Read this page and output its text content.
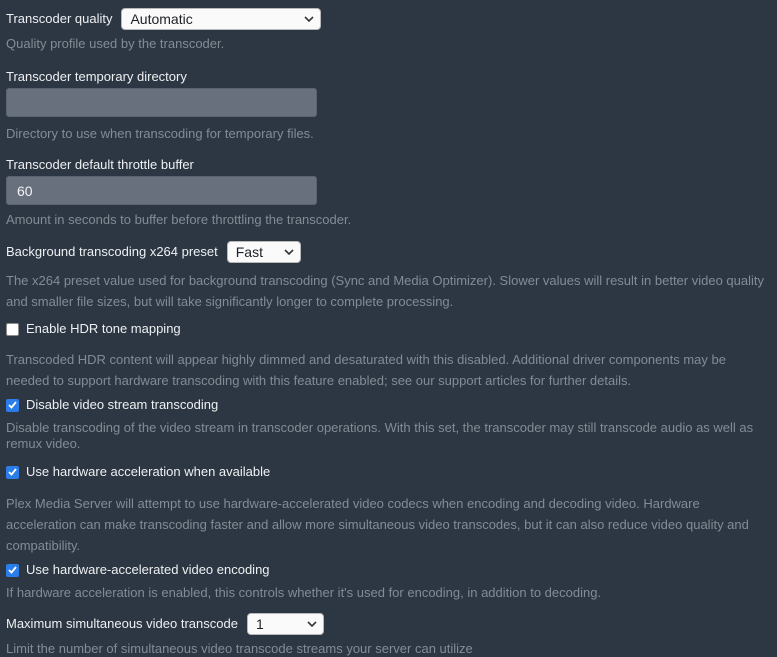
Transcoder quality Automatic
Quality profile used by the transcoder.
Transcoder temporary directory
Directory to use when transcoding for temporary files.
Transcoder default throttle buffer
60
Amount in seconds to buffer before throttling the transcoder.
Background transcoding x264 preset Fast
The x264 preset value used for background transcoding (Sync and Media Optimizer). Slower values will result in better video quality and smaller file sizes, but will take significantly longer to complete processing.
Enable HDR tone mapping
Transcoded HDR content will appear highly dimmed and desaturated with this disabled. Additional driver components may be needed to support hardware transcoding with this feature enabled; see our support articles for further details.
Disable video stream transcoding
Disable transcoding of the video stream in transcoder operations. With this set, the transcoder may still transcode audio as well as remux video.
Use hardware acceleration when available
Plex Media Server will attempt to use hardware-accelerated video codecs when encoding and decoding video. Hardware acceleration can make transcoding faster and allow more simultaneous video transcodes, but it can also reduce video quality and compatibility.
Use hardware-accelerated video encoding
If hardware acceleration is enabled, this controls whether it's used for encoding, in addition to decoding.
Maximum simultaneous video transcode 1
Limit the number of simultaneous video transcode streams your server can utilize
